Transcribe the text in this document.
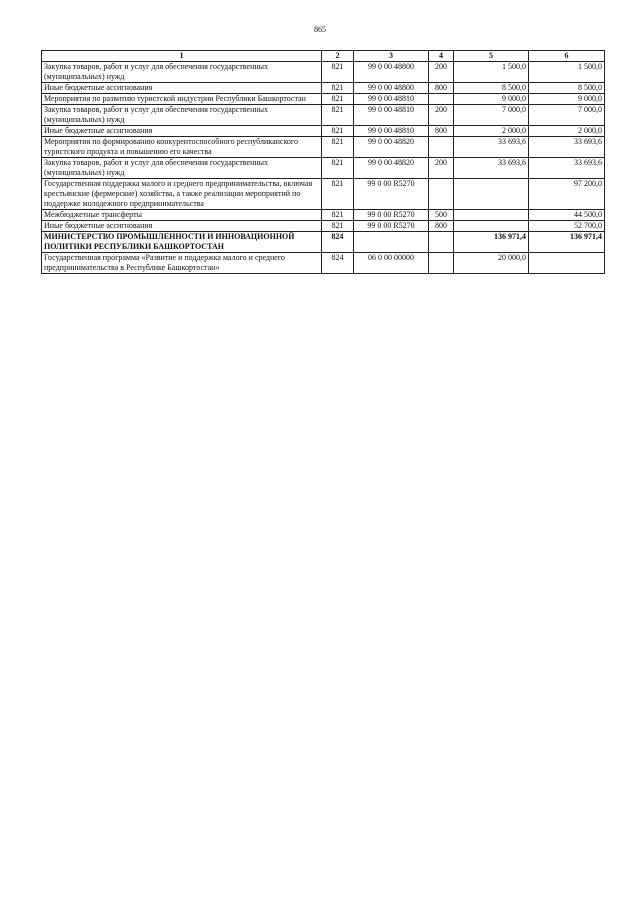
865
1	2	3	4	5	6
Закупка товаров, работ и услуг для обеспечения государственных (муниципальных) нужд	821	99 0 00 48800	200	1 500,0	1 500,0
Иные бюджетные ассигнования	821	99 0 00 48800	800	8 500,0	8 500,0
Мероприятия по развитию туристской индустрии Республики Башкортостан	821	99 0 00 48810		9 000,0	9 000,0
Закупка товаров, работ и услуг для обеспечения государственных (муниципальных) нужд	821	99 0 00 48810	200	7 000,0	7 000,0
Иные бюджетные ассигнования	821	99 0 00 48810	800	2 000,0	2 000,0
Мероприятия по формированию конкурентоспособного республиканского туристского продукта и повышению его качества	821	99 0 00 48820		33 693,6	33 693,6
Закупка товаров, работ и услуг для обеспечения государственных (муниципальных) нужд	821	99 0 00 48820	200	33 693,6	33 693,6
Государственная поддержка малого и среднего предпринимательства, включая крестьянские (фермерские) хозяйства, а также реализации мероприятий по поддержке молодежного предпринимательства	821	99 0 00 R5270			97 200,0
Межбюджетные трансферты	821	99 0 00 R5270	500		44 500,0
Иные бюджетные ассигнования	821	99 0 00 R5270	800		52 700,0
МИНИСТЕРСТВО ПРОМЫШЛЕННОСТИ И ИННОВАЦИОННОЙ ПОЛИТИКИ РЕСПУБЛИКИ БАШКОРТОСТАН	824			136 971,4	136 971,4
Государственная программа «Развитие и поддержка малого и среднего предпринимательства в Республике Башкортостан»	824	06 0 00 00000		20 000,0	
